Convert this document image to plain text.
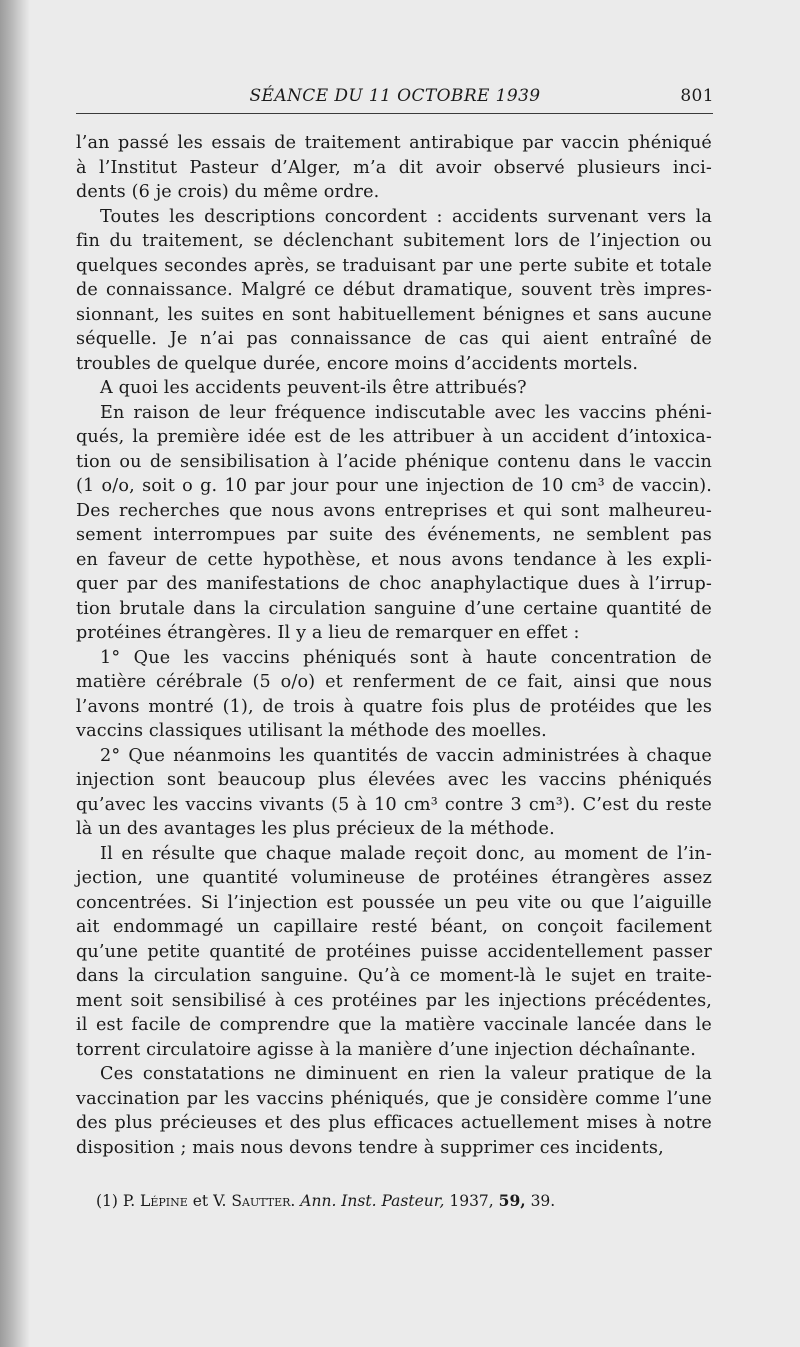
SÉANCE DU 11 OCTOBRE 1939	801

l’an passé les essais de traitement antirabique par vaccin phéniqué
à l’Institut Pasteur d’Alger, m’a dit avoir observé plusieurs inci-
dents (6 je crois) du même ordre.

Toutes les descriptions concordent : accidents survenant vers la
fin du traitement, se déclenchant subitement lors de l’injection ou
quelques secondes après, se traduisant par une perte subite et totale
de connaissance. Malgré ce début dramatique, souvent très impres-
sionnant, les suites en sont habituellement bénignes et sans aucune
séquelle. Je n’ai pas connaissance de cas qui aient entraîné de
troubles de quelque durée, encore moins d’accidents mortels.

A quoi les accidents peuvent-ils être attribués?

En raison de leur fréquence indiscutable avec les vaccins phéni-
qués, la première idée est de les attribuer à un accident d’intoxica-
tion ou de sensibilisation à l’acide phénique contenu dans le vaccin
(1 o/o, soit o g. 10 par jour pour une injection de 10 cm³ de vaccin).
Des recherches que nous avons entreprises et qui sont malheureu-
sement interrompues par suite des événements, ne semblent pas
en faveur de cette hypothèse, et nous avons tendance à les expli-
quer par des manifestations de choc anaphylactique dues à l’irrup-
tion brutale dans la circulation sanguine d’une certaine quantité de
protéines étrangères. Il y a lieu de remarquer en effet :

1° Que les vaccins phéniqués sont à haute concentration de
matière cérébrale (5 o/o) et renferment de ce fait, ainsi que nous
l’avons montré (1), de trois à quatre fois plus de protéides que les
vaccins classiques utilisant la méthode des moelles.

2° Que néanmoins les quantités de vaccin administrées à chaque
injection sont beaucoup plus élevées avec les vaccins phéniqués
qu’avec les vaccins vivants (5 à 10 cm³ contre 3 cm³). C’est du reste
là un des avantages les plus précieux de la méthode.

Il en résulte que chaque malade reçoit donc, au moment de l’in-
jection, une quantité volumineuse de protéines étrangères assez
concentrées. Si l’injection est poussée un peu vite ou que l’aiguille
ait endommagé un capillaire resté béant, on conçoit facilement
qu’une petite quantité de protéines puisse accidentellement passer
dans la circulation sanguine. Qu’à ce moment-là le sujet en traite-
ment soit sensibilisé à ces protéines par les injections précédentes,
il est facile de comprendre que la matière vaccinale lancée dans le
torrent circulatoire agisse à la manière d’une injection déchaînante.

Ces constatations ne diminuent en rien la valeur pratique de la
vaccination par les vaccins phéniqués, que je considère comme l’une
des plus précieuses et des plus efficaces actuellement mises à notre
disposition ; mais nous devons tendre à supprimer ces incidents,

(1) P. Lépine et V. Sautter. Ann. Inst. Pasteur, 1937, 59, 39.
